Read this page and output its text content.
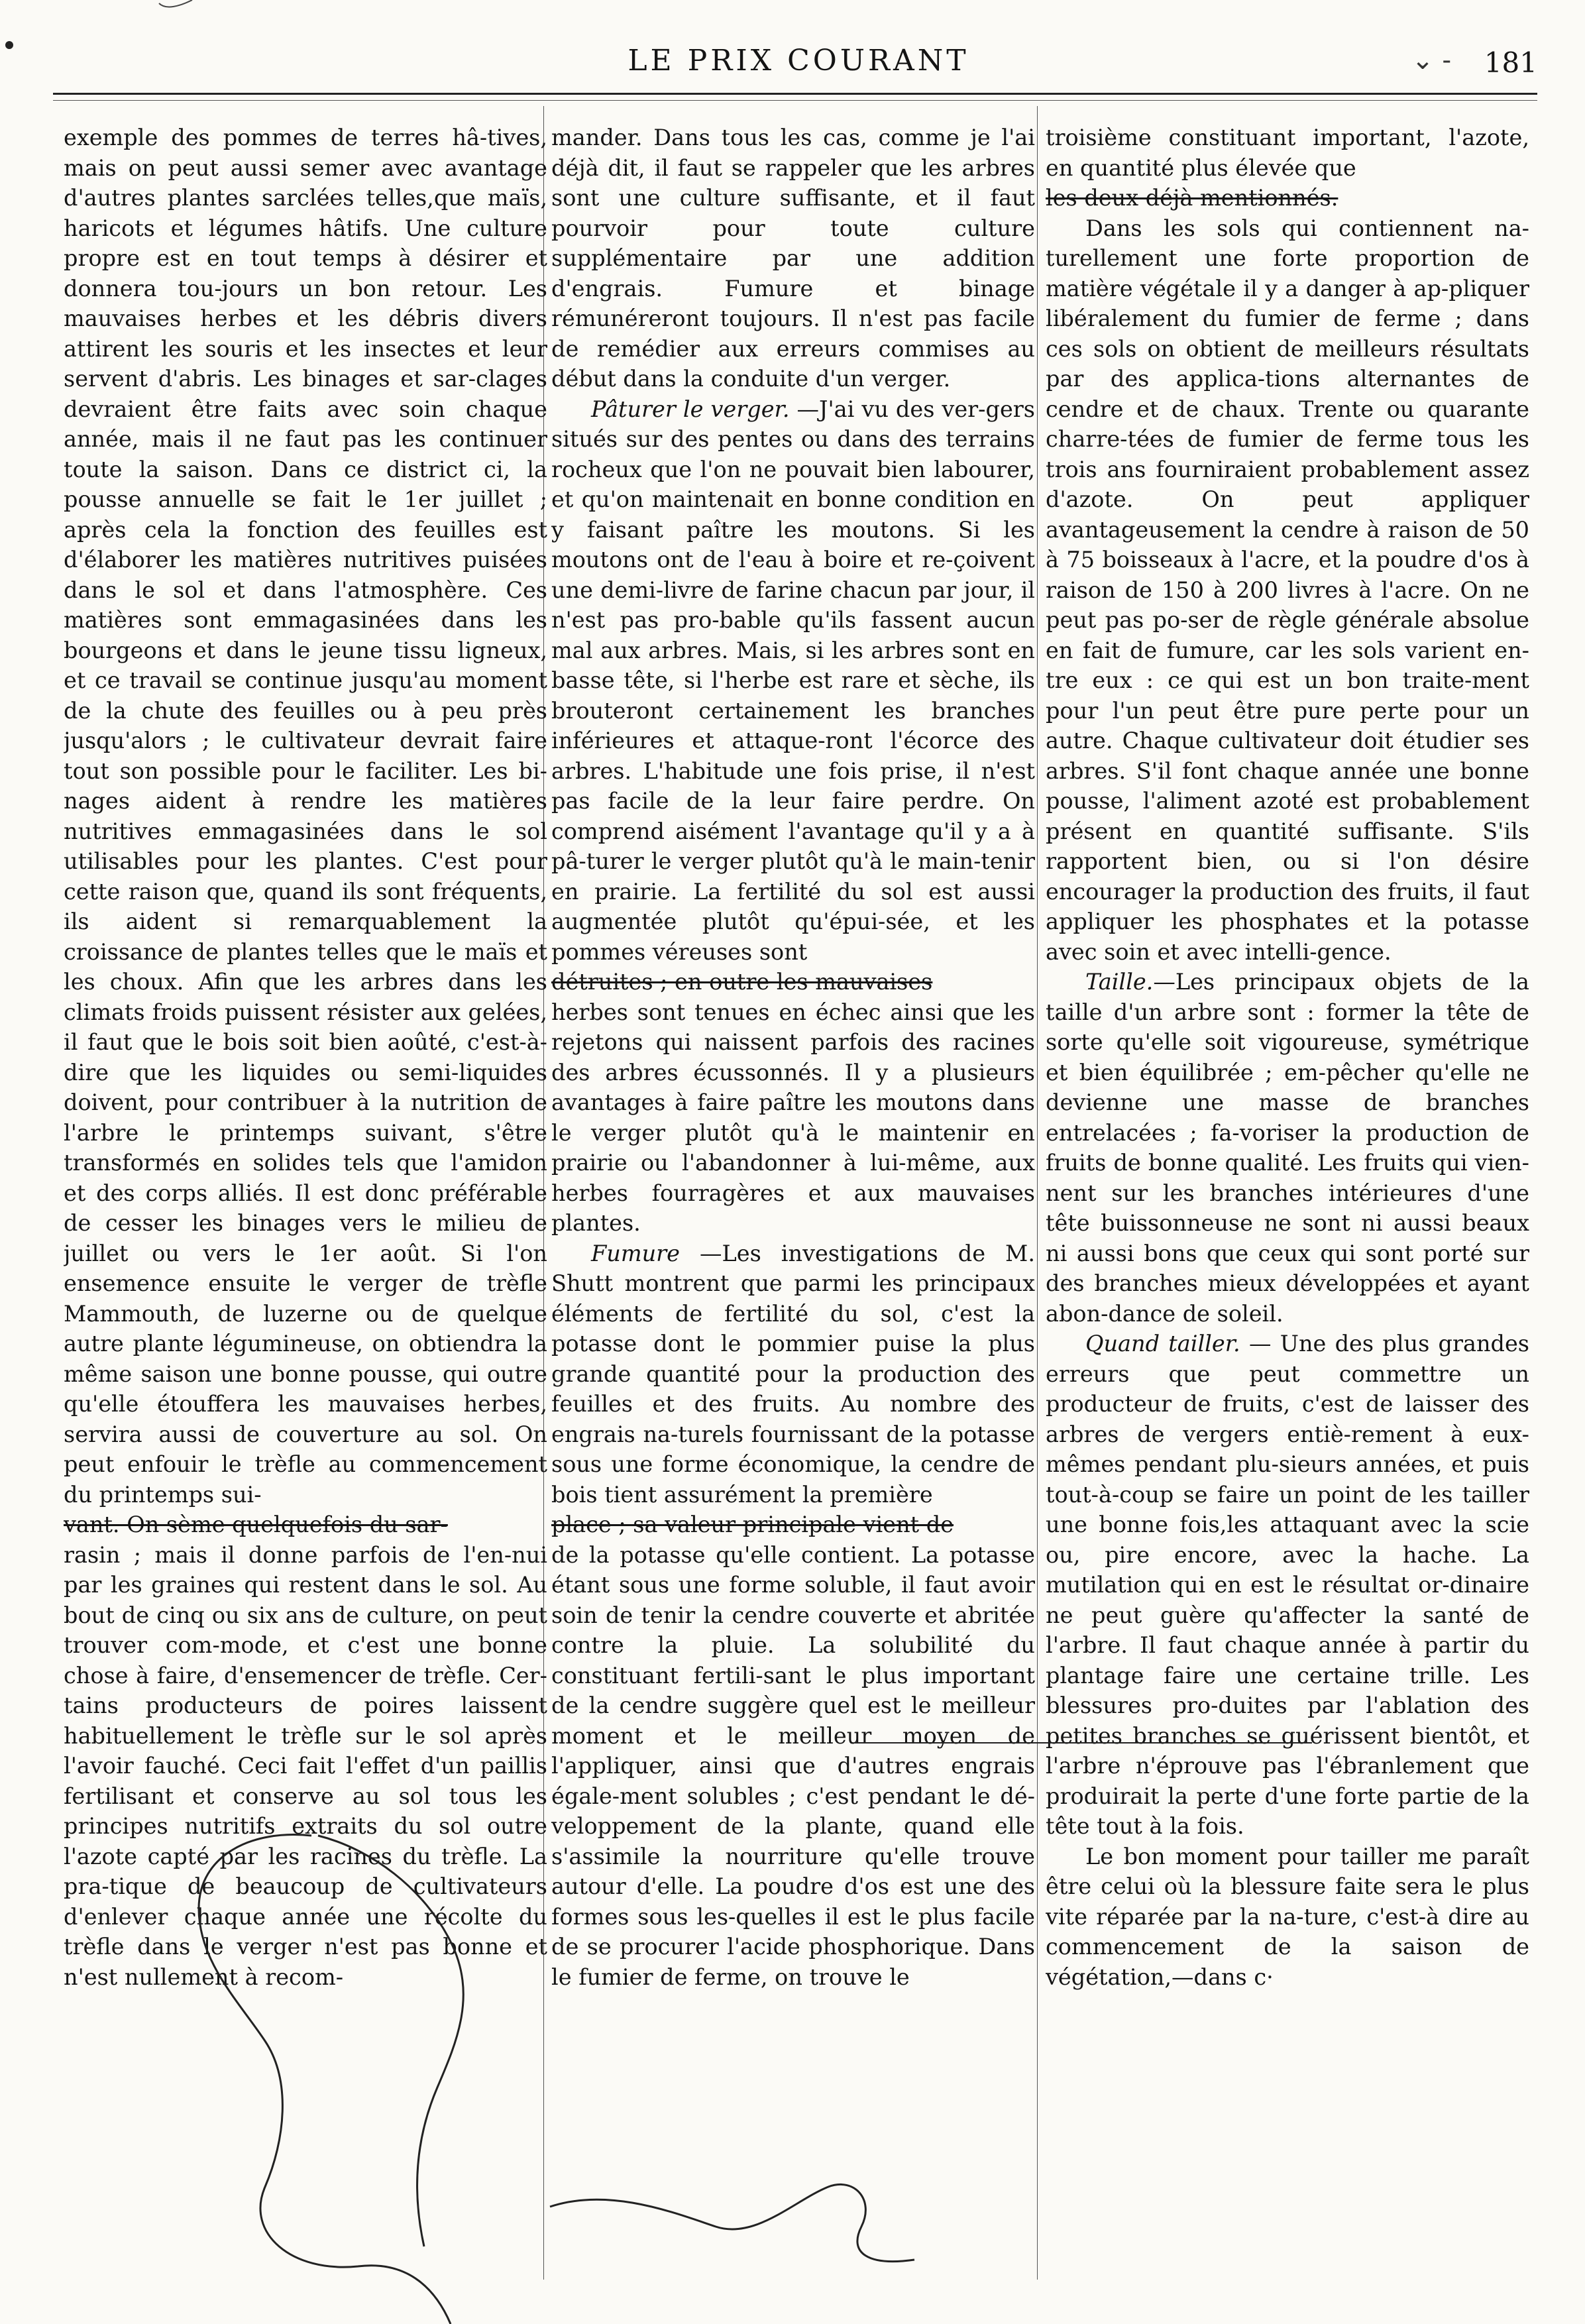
LE PRIX COURANT	⌄ - 181

exemple des pommes de terres hâ-tives, mais on peut aussi semer avec avantage d'autres plantes sarclées telles,que maïs, haricots et légumes hâtifs. Une culture propre est en tout temps à désirer et donnera tou-jours un bon retour. Les mauvaises herbes et les débris divers attirent les souris et les insectes et leur servent d'abris. Les binages et sar-clages devraient être faits avec soin chaque année, mais il ne faut pas les continuer toute la saison. Dans ce district ci, la pousse annuelle se fait le 1er juillet ; après cela la fonction des feuilles est d'élaborer les matières nutritives puisées dans le sol et dans l'atmosphère. Ces matières sont emmagasinées dans les bourgeons et dans le jeune tissu ligneux, et ce travail se continue jusqu'au moment de la chute des feuilles ou à peu près jusqu'alors ; le cultivateur devrait faire tout son possible pour le faciliter. Les bi-nages aident à rendre les matières nutritives emmagasinées dans le sol utilisables pour les plantes. C'est pour cette raison que, quand ils sont fréquents, ils aident si remarquablement la croissance de plantes telles que le maïs et les choux. Afin que les arbres dans les climats froids puissent résister aux gelées, il faut que le bois soit bien aoûté, c'est-à-dire que les liquides ou semi-liquides doivent, pour contribuer à la nutrition de l'arbre le printemps suivant, s'être transformés en solides tels que l'amidon et des corps alliés. Il est donc préférable de cesser les binages vers le milieu de juillet ou vers le 1er août. Si l'on ensemence ensuite le verger de trèfle Mammouth, de luzerne ou de quelque autre plante légumineuse, on obtiendra la même saison une bonne pousse, qui outre qu'elle étouffera les mauvaises herbes, servira aussi de couverture au sol. On peut enfouir le trèfle au commencement du printemps sui-

vant. On sème quelquefois du sar-

rasin ; mais il donne parfois de l'en-nui par les graines qui restent dans le sol. Au bout de cinq ou six ans de culture, on peut trouver com-mode, et c'est une bonne chose à faire, d'ensemencer de trèfle. Cer-tains producteurs de poires laissent habituellement le trèfle sur le sol après l'avoir fauché. Ceci fait l'effet d'un paillis fertilisant et conserve au sol tous les principes nutritifs extraits du sol outre l'azote capté par les racines du trèfle. La pra-tique de beaucoup de cultivateurs d'enlever chaque année une récolte du trèfle dans le verger n'est pas bonne et n'est nullement à recom-

mander. Dans tous les cas, comme je l'ai déjà dit, il faut se rappeler que les arbres sont une culture suffisante, et il faut pourvoir pour toute culture supplémentaire par une addition d'engrais. Fumure et binage rémunéreront toujours. Il n'est pas facile de remédier aux erreurs commises au début dans la conduite d'un verger.

Pâturer le verger. —J'ai vu des ver-gers situés sur des pentes ou dans des terrains rocheux que l'on ne pouvait bien labourer, et qu'on maintenait en bonne condition en y faisant paître les moutons. Si les moutons ont de l'eau à boire et re-çoivent une demi-livre de farine chacun par jour, il n'est pas pro-bable qu'ils fassent aucun mal aux arbres. Mais, si les arbres sont en basse tête, si l'herbe est rare et sèche, ils brouteront certainement les branches inférieures et attaque-ront l'écorce des arbres. L'habitude une fois prise, il n'est pas facile de la leur faire perdre. On comprend aisément l'avantage qu'il y a à pâ-turer le verger plutôt qu'à le main-tenir en prairie. La fertilité du sol est aussi augmentée plutôt qu'épui-sée, et les pommes véreuses sont

détruites ; en outre les mauvaises

herbes sont tenues en échec ainsi que les rejetons qui naissent parfois des racines des arbres écussonnés. Il y a plusieurs avantages à faire paître les moutons dans le verger plutôt qu'à le maintenir en prairie ou l'abandonner à lui-même, aux herbes fourragères et aux mauvaises plantes.

Fumure —Les investigations de M. Shutt montrent que parmi les principaux éléments de fertilité du sol, c'est la potasse dont le pommier puise la plus grande quantité pour la production des feuilles et des fruits. Au nombre des engrais na-turels fournissant de la potasse sous une forme économique, la cendre de bois tient assurément la première

place ; sa valeur principale vient de

de la potasse qu'elle contient. La potasse étant sous une forme soluble, il faut avoir soin de tenir la cendre couverte et abritée contre la pluie. La solubilité du constituant fertili-sant le plus important de la cendre suggère quel est le meilleur moment et le meilleur moyen de l'appliquer, ainsi que d'autres engrais égale-ment solubles ; c'est pendant le dé-veloppement de la plante, quand elle s'assimile la nourriture qu'elle trouve autour d'elle. La poudre d'os est une des formes sous les-quelles il est le plus facile de se procurer l'acide phosphorique. Dans le fumier de ferme, on trouve le

troisième constituant important, l'azote, en quantité plus élevée que

les deux déjà mentionnés.

Dans les sols qui contiennent na-turellement une forte proportion de matière végétale il y a danger à ap-pliquer libéralement du fumier de ferme ; dans ces sols on obtient de meilleurs résultats par des applica-tions alternantes de cendre et de chaux. Trente ou quarante charre-tées de fumier de ferme tous les trois ans fourniraient probablement assez d'azote. On peut appliquer avantageusement la cendre à raison de 50 à 75 boisseaux à l'acre, et la poudre d'os à raison de 150 à 200 livres à l'acre. On ne peut pas po-ser de règle générale absolue en fait de fumure, car les sols varient en-tre eux : ce qui est un bon traite-ment pour l'un peut être pure perte pour un autre. Chaque cultivateur doit étudier ses arbres. S'il font chaque année une bonne pousse, l'aliment azoté est probablement présent en quantité suffisante. S'ils rapportent bien, ou si l'on désire encourager la production des fruits, il faut appliquer les phosphates et la potasse avec soin et avec intelli-gence.

Taille.—Les principaux objets de la taille d'un arbre sont : former la tête de sorte qu'elle soit vigoureuse, symétrique et bien équilibrée ; em-pêcher qu'elle ne devienne une masse de branches entrelacées ; fa-voriser la production de fruits de bonne qualité. Les fruits qui vien-nent sur les branches intérieures d'une tête buissonneuse ne sont ni aussi beaux ni aussi bons que ceux qui sont porté sur des branches mieux développées et ayant abon-dance de soleil.

Quand tailler. — Une des plus grandes erreurs que peut commettre un producteur de fruits, c'est de laisser des arbres de vergers entiè-rement à eux-mêmes pendant plu-sieurs années, et puis tout-à-coup se faire un point de les tailler une bonne fois,les attaquant avec la scie ou, pire encore, avec la hache. La mutilation qui en est le résultat or-dinaire ne peut guère qu'affecter la santé de l'arbre. Il faut chaque année à partir du plantage faire une certaine trille. Les blessures pro-duites par l'ablation des petites branches se guérissent bientôt, et l'arbre n'éprouve pas l'ébranlement que produirait la perte d'une forte partie de la tête tout à la fois.

Le bon moment pour tailler me paraît être celui où la blessure faite sera le plus vite réparée par la na-ture, c'est-à dire au commencement de la saison de végétation,—dans c·
